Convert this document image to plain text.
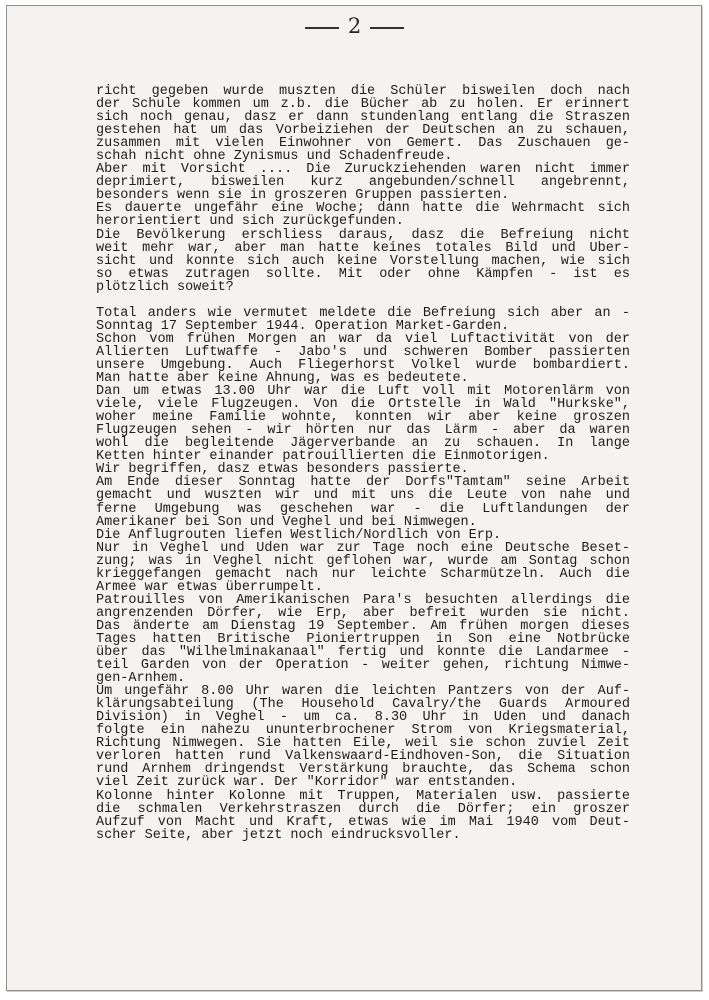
2
richt gegeben wurde muszten die Schüler bisweilen doch nach
der Schule kommen um z.b. die Bücher ab zu holen. Er erinnert
sich noch genau, dasz er dann stundenlang entlang die Straszen
gestehen hat um das Vorbeiziehen der Deutschen an zu schauen,
zusammen mit vielen Einwohner von Gemert. Das Zuschauen ge-
schah nicht ohne Zynismus und Schadenfreude.
Aber mit Vorsicht .... Die Zuruckziehenden waren nicht immer
deprimiert, bisweilen kurz angebunden/schnell angebrennt,
besonders wenn sie in groszeren Gruppen passierten.
Es dauerte ungefähr eine Woche; dann hatte die Wehrmacht sich
herorientiert und sich zurückgefunden.
Die Bevölkerung erschliess daraus, dasz die Befreiung nicht
weit mehr war, aber man hatte keines totales Bild und Uber-
sicht und konnte sich auch keine Vorstellung machen, wie sich
so etwas zutragen sollte. Mit oder ohne Kämpfen - ist es
plötzlich soweit?
Total anders wie vermutet meldete die Befreiung sich aber an -
Sonntag 17 September 1944. Operation Market-Garden.
Schon vom frühen Morgen an war da viel Luftactivität von der
Allierten Luftwaffe - Jabo's und schweren Bomber passierten
unsere Umgebung. Auch Fliegerhorst Volkel wurde bombardiert.
Man hatte aber keine Ahnung, was es bedeutete.
Dan um etwas 13.00 Uhr war die Luft voll mit Motorenlärm von
viele, viele Flugzeugen. Von die Ortstelle in Wald "Hurkske",
woher meine Familie wohnte, konnten wir aber keine groszen
Flugzeugen sehen - wir hörten nur das Lärm - aber da waren
wohl die begleitende Jägerverbande an zu schauen. In lange
Ketten hinter einander patrouillierten die Einmotorigen.
Wir begriffen, dasz etwas besonders passierte.
Am Ende dieser Sonntag hatte der Dorfs"Tamtam" seine Arbeit
gemacht und wuszten wir und mit uns die Leute von nahe und
ferne Umgebung was geschehen war - die Luftlandungen der
Amerikaner bei Son und Veghel und bei Nimwegen.
Die Anflugrouten liefen Westlich/Nordlich von Erp.
Nur in Veghel und Uden war zur Tage noch eine Deutsche Beset-
zung; was in Veghel nicht geflohen war, wurde am Sontag schon
krieggefangen gemacht nach nur leichte Scharmützeln. Auch die
Armee war etwas überrumpelt.
Patrouilles von Amerikanischen Para's besuchten allerdings die
angrenzenden Dörfer, wie Erp, aber befreit wurden sie nicht.
Das änderte am Dienstag 19 September. Am frühen morgen dieses
Tages hatten Britische Pioniertruppen in Son eine Notbrücke
über das "Wilhelminakanaal" fertig und konnte die Landarmee -
teil Garden von der Operation - weiter gehen, richtung Nimwe-
gen-Arnhem.
Um ungefähr 8.00 Uhr waren die leichten Pantzers von der Auf-
klärungsabteilung (The Household Cavalry/the Guards Armoured
Division) in Veghel - um ca. 8.30 Uhr in Uden und danach
folgte ein nahezu ununterbrochener Strom von Kriegsmaterial,
Richtung Nimwegen. Sie hatten Eile, weil sie schon zuviel Zeit
verloren hatten rund Valkenswaard-Eindhoven-Son, die Situation
rund Arnhem dringendst Verstärkung brauchte, das Schema schon
viel Zeit zurück war. Der "Korridor" war entstanden.
Kolonne hinter Kolonne mit Truppen, Materialen usw. passierte
die schmalen Verkehrstraszen durch die Dörfer; ein groszer
Aufzuf von Macht und Kraft, etwas wie im Mai 1940 vom Deut-
scher Seite, aber jetzt noch eindrucksvoller.
